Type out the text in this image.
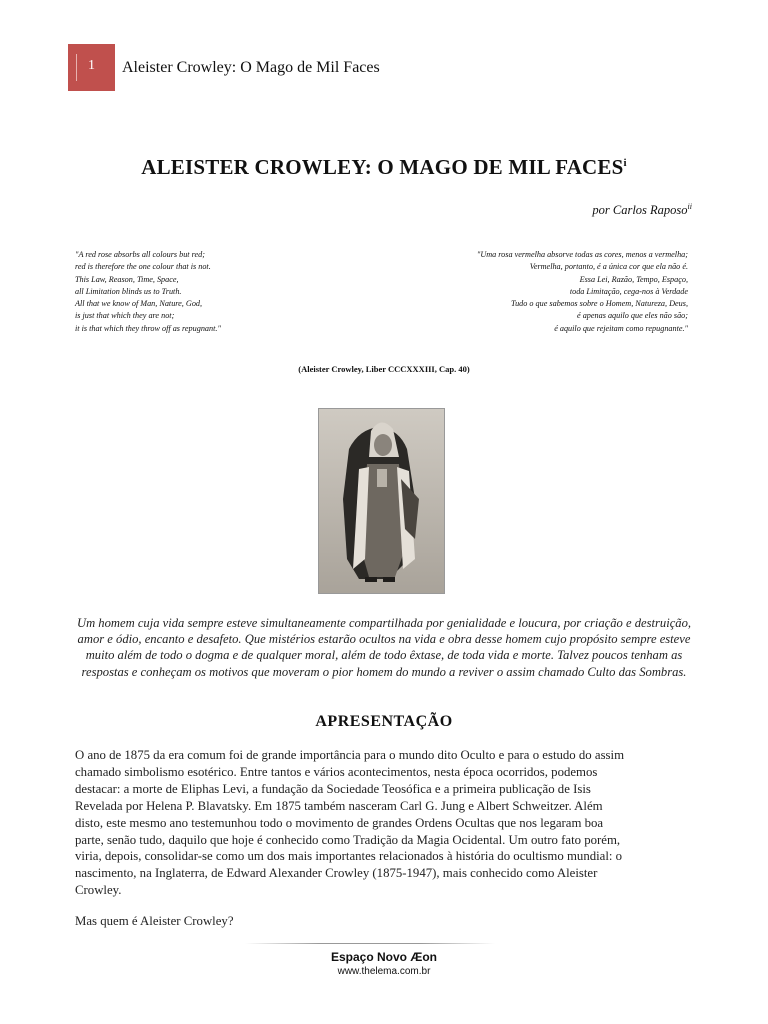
1 Aleister Crowley: O Mago de Mil Faces
ALEISTER CROWLEY: O MAGO DE MIL FACES$^i$
por Carlos Raposo$^{ii}$
"A red rose absorbs all colours but red;
red is therefore the one colour that is not.
This Law, Reason, Time, Space,
all Limitation blinds us to Truth.
All that we know of Man, Nature, God,
is just that which they are not;
it is that which they throw off as repugnant."
"Uma rosa vermelha absorve todas as cores, menos a vermelha;
Vermelha, portanto, é a única cor que ela não é.
Essa Lei, Razão, Tempo, Espaço,
toda Limitação, cega-nos à Verdade
Tudo o que sabemos sobre o Homem, Natureza, Deus,
é apenas aquilo que eles não são;
é aquilo que rejeitam como repugnante."
(Aleister Crowley, Liber CCCXXXIII, Cap. 40)
Um homem cuja vida sempre esteve simultaneamente compartilhada por genialidade e loucura, por criação e destruição, amor e ódio, encanto e desafeto. Que mistérios estarão ocultos na vida e obra desse homem cujo propósito sempre esteve muito além de todo o dogma e de qualquer moral, além de todo êxtase, de toda vida e morte. Talvez poucos tenham as respostas e conheçam os motivos que moveram o pior homem do mundo a reviver o assim chamado Culto das Sombras.
APRESENTAÇÃO
O ano de 1875 da era comum foi de grande importância para o mundo dito Oculto e para o estudo do assim
chamado simbolismo esotérico. Entre tantos e vários acontecimentos, nesta época ocorridos, podemos
destacar: a morte de Eliphas Levi, a fundação da Sociedade Teosófica e a primeira publicação de Isis
Revelada por Helena P. Blavatsky. Em 1875 também nasceram Carl G. Jung e Albert Schweitzer. Além
disto, este mesmo ano testemunhou todo o movimento de grandes Ordens Ocultas que nos legaram boa
parte, senão tudo, daquilo que hoje é conhecido como Tradição da Magia Ocidental. Um outro fato porém,
viria, depois, consolidar-se como um dos mais importantes relacionados à história do ocultismo mundial: o
nascimento, na Inglaterra, de Edward Alexander Crowley (1875-1947), mais conhecido como Aleister
Crowley.
Mas quem é Aleister Crowley?
Espaço Novo Æon
www.thelema.com.br
